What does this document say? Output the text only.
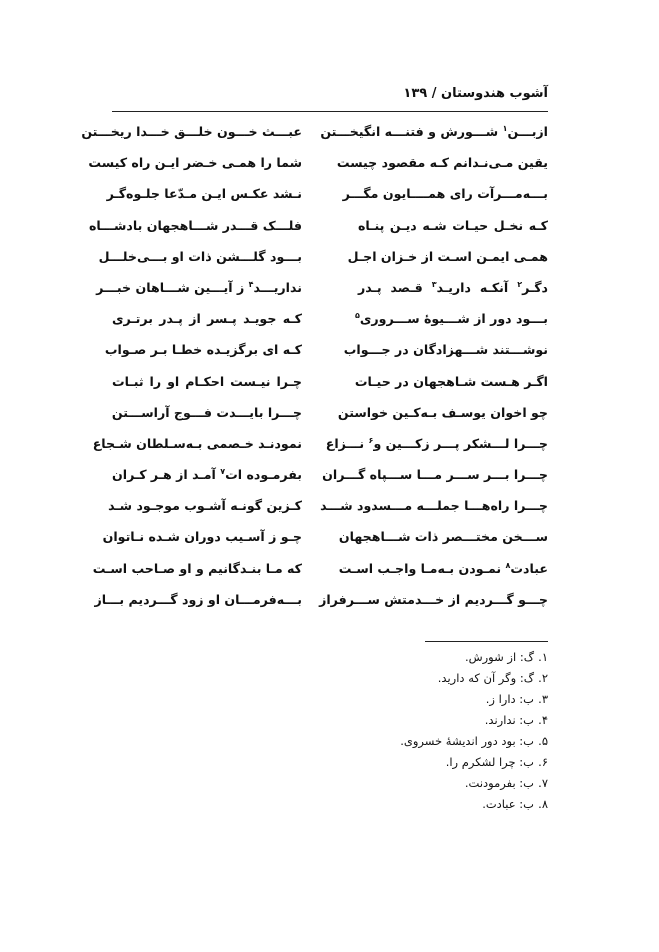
آشوب هندوستان / ۱۳۹
ازبـــن$^۱$ شـــورش و فتنـــه انگیخـــتن
عبـــث خـــون خلـــق خـــدا ریخـــتن
یقین مـی‌نـدانم کـه مقصود چیست
شما را همـی خـضر ایـن راه کیست
بـــه‌مـــرآت رای همــــایون مگـــر
نـشد عکـس ایـن مـدّعا جلـوه‌گـر
کـه نخـل حیـات شـه دیـن پنـاه
فلـــک قـــدر شـــاهجهان بادشـــاه
همـی ایمـن اسـت از خـزان اجـل
بـــود گلـــشن ذات او بـــی‌خلـــل
دگـر$^۲$ آنکـه داریـد$^۳$ قـصد پـدر
نداریـــد$^۴$ ز آیـــین شـــاهان خبـــر
بـــود دور از شـــیوۀ ســـروری$^۵$
کـه جویـد پـسر از پـدر برتـری
نوشـــتند شـــهزادگان در جـــواب
کـه ای برگزیـده خطـا بـر صـواب
اگـر هـست شـاهجهان در حیـات
چـرا نیـست احکـام او را ثبـات
چو اخوان یوسـف بـه‌کـین خواستن
چـــرا بایـــدت فـــوج آراســـتن
چـــرا لـــشکر پـــر زکـــین و$^۶$ نـــزاع
نمودنـد خـصمی بـه‌سـلطان شـجاع
چـــرا بـــر ســـر مـــا ســـپاه گـــران
بفرمـوده ات$^۷$ آمـد از هـر کـران
چـــرا راه‌هـــا جملـــه مـــسدود شـــد
کـزین گونـه آشـوب موجـود شـد
ســـخن مختـــصر ذات شـــاهجهان
چـو ز آسـیب دوران شـده نـاتوان
عبادت$^۸$ نمـودن بـه‌مـا واجـب اسـت
که مـا بنـدگانیم و او صـاحب اسـت
چـــو گـــردیم از خـــدمتش ســـرفراز
بـــه‌فرمـــان او زود گـــردیم بـــاز
۱.گ: از شورش.
۲.گ: وگر آن که دارید.
۳.ب: دارا ز.
۴.ب: ندارند.
۵.ب: بود دور اندیشۀ خسروی.
۶.ب: چرا لشکرم را.
۷.ب: بفرمودنت.
۸.ب: عبادت.
